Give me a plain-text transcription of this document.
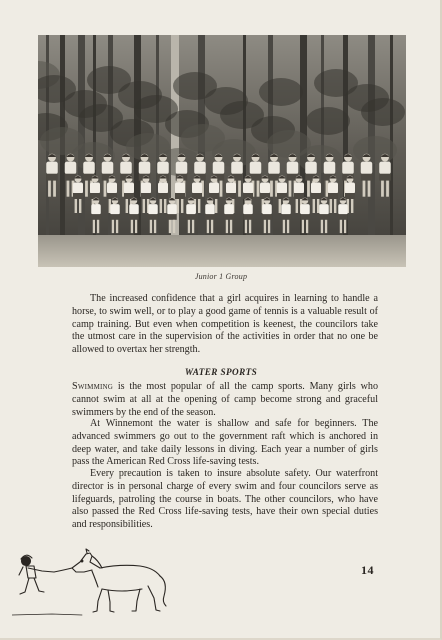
Junior 1 Group

The increased confidence that a girl acquires in learning to handle a horse, to swim well, or to play a good game of tennis is a valuable result of camp training. But even when competition is keenest, the councilors take the utmost care in the supervision of the activities in order that no one be allowed to overtax her strength.

WATER SPORTS

Swimming is the most popular of all the camp sports. Many girls who cannot swim at all at the opening of camp become strong and graceful swimmers by the end of the season.

At Winnemont the water is shallow and safe for beginners. The advanced swimmers go out to the government raft which is anchored in deep water, and take daily lessons in diving. Each year a number of girls pass the American Red Cross life-saving tests.

Every precaution is taken to insure absolute safety. Our waterfront director is in personal charge of every swim and four councilors serve as lifeguards, patroling the course in boats. The other councilors, who have also passed the Red Cross life-saving tests, have their own special duties and responsibilities.

14
